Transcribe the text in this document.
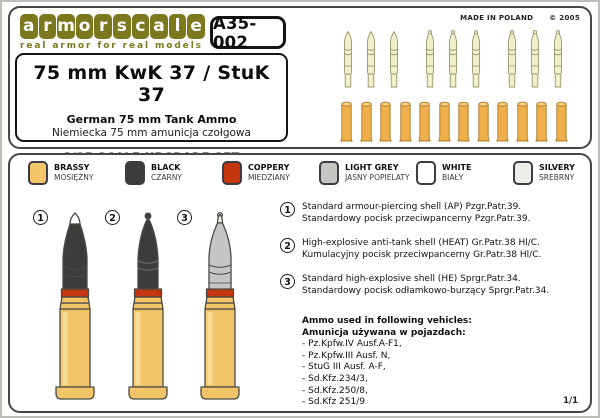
a r m o r s c a l e
real armor for real models
A35-002
75 mm KwK 37 / StuK 37
German 75 mm Tank Ammo
Niemiecka 75 mm amunicja czołgowa
MADE IN POLAND © 2005
BRASSY
MOSIĘŻNY
BLACK
CZARNY
COPPERY
MIEDZIANY
LIGHT GREY
JASNY POPIELATY
WHITE
BIAŁY
SILVERY
SREBRNY
1	2	3
1	Standard armour-piercing shell (AP) Pzgr.Patr.39.
Standardowy pocisk przeciwpancerny Pzgr.Patr.39.
2	High-explosive anti-tank shell (HEAT) Gr.Patr.38 Hl/C.
Kumulacyjny pocisk przeciwpancerny Gr.Patr.38 Hl/C.
3	Standard high-explosive shell (HE) Sprgr.Patr.34.
Standardowy pocisk odłamkowo-burzący Sprgr.Patr.34.
Ammo used in following vehicles:
Amunicja używana w pojazdach:
- Pz.Kpfw.IV Ausf.A-F1,
- Pz.Kpfw.III Ausf. N,
- StuG III Ausf. A-F,
- Sd.Kfz.234/3,
- Sd.Kfz.250/8,
- Sd.Kfz 251/9	1/1
